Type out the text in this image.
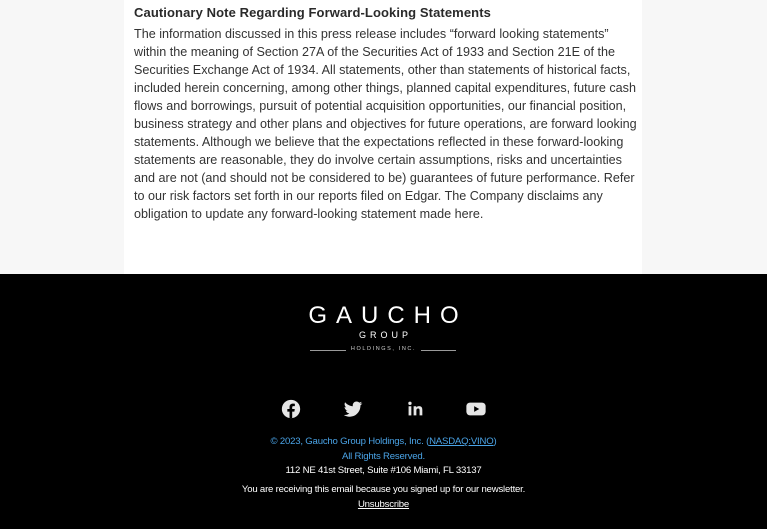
Cautionary Note Regarding Forward-Looking Statements
The information discussed in this press release includes “forward looking statements” within the meaning of Section 27A of the Securities Act of 1933 and Section 21E of the Securities Exchange Act of 1934. All statements, other than statements of historical facts, included herein concerning, among other things, planned capital expenditures, future cash flows and borrowings, pursuit of potential acquisition opportunities, our financial position, business strategy and other plans and objectives for future operations, are forward looking statements. Although we believe that the expectations reflected in these forward-looking statements are reasonable, they do involve certain assumptions, risks and uncertainties and are not (and should not be considered to be) guarantees of future performance. Refer to our risk factors set forth in our reports filed on Edgar. The Company disclaims any obligation to update any forward-looking statement made here.
GAUCHO
GROUP
HOLDINGS, INC.
© 2023, Gaucho Group Holdings, Inc. (NASDAQ:VINO)
All Rights Reserved.
112 NE 41st Street, Suite #106 Miami, FL 33137
You are receiving this email because you signed up for our newsletter.
Unsubscribe
